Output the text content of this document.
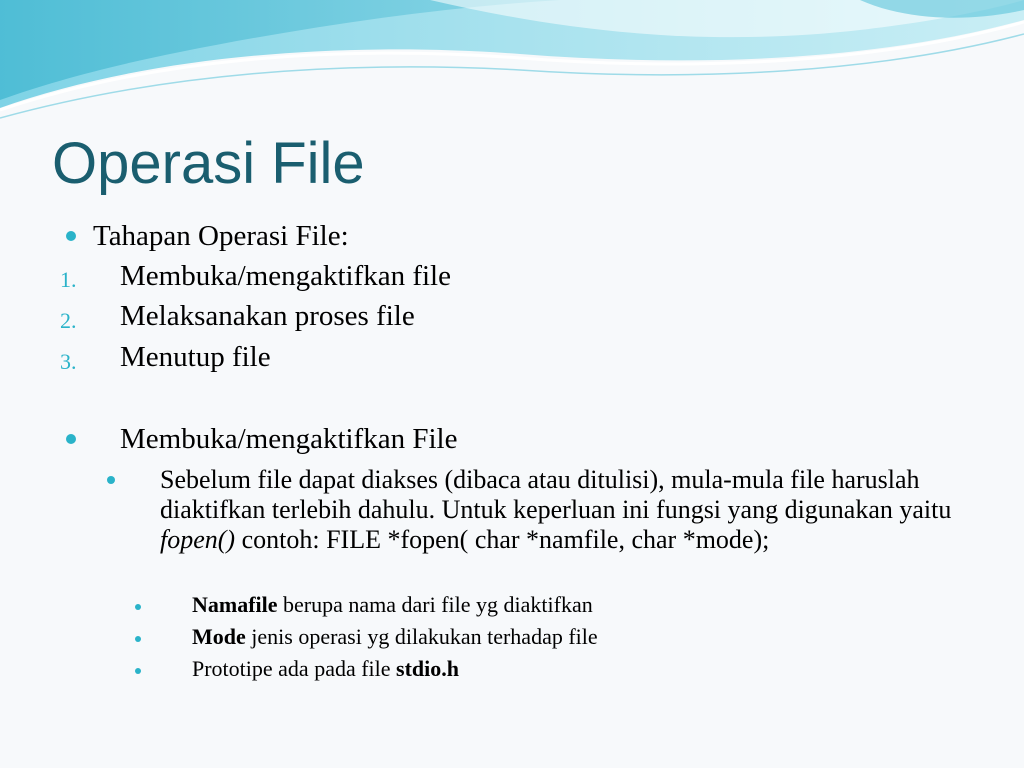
Operasi File
Tahapan Operasi File:
1. Membuka/mengaktifkan file
2. Melaksanakan proses file
3. Menutup file
Membuka/mengaktifkan File
Sebelum file dapat diakses (dibaca atau ditulisi), mula-mula file haruslah diaktifkan terlebih dahulu. Untuk keperluan ini fungsi yang digunakan yaitu fopen() contoh: FILE *fopen( char *namfile, char *mode);
Namafile berupa nama dari file yg diaktifkan
Mode jenis operasi yg dilakukan terhadap file
Prototipe ada pada file stdio.h
